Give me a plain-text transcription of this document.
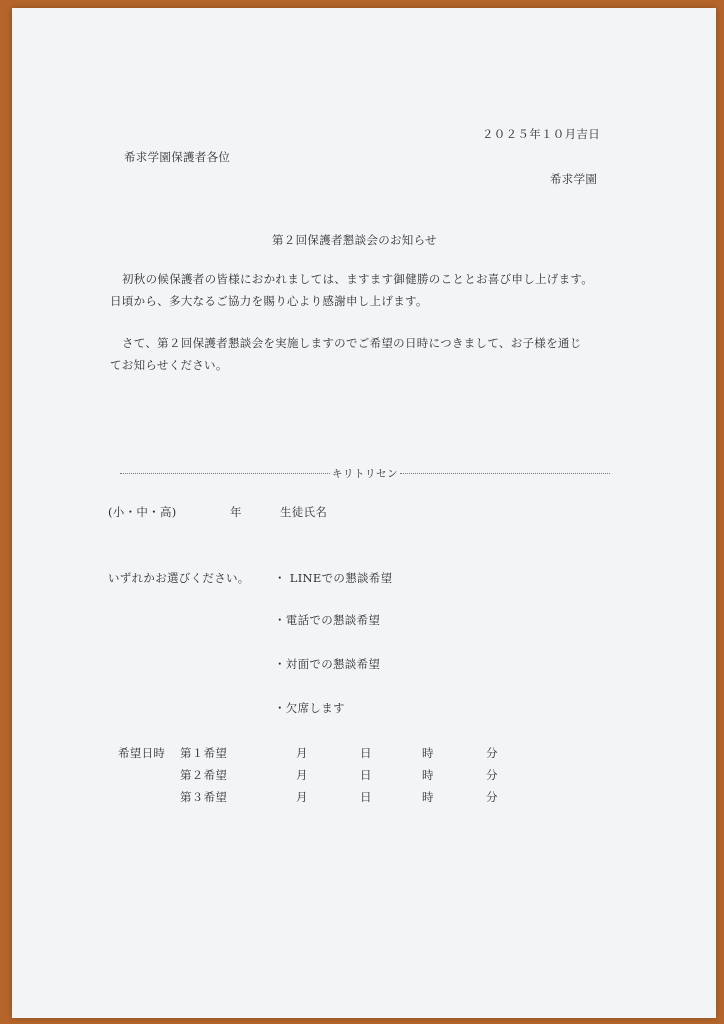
２０２５年１０月吉日
希求学園保護者各位
希求学園
第２回保護者懇談会のお知らせ
初秋の候保護者の皆様におかれましては、ますます御健勝のこととお喜び申し上げます。
日頃から、多大なるご協力を賜り心より感謝申し上げます。
さて、第２回保護者懇談会を実施しますのでご希望の日時につきまして、お子様を通じ
てお知らせください。
キリトリセン
(小・中・高)	年	生徒氏名
いずれかお選びください。 ・ LINEでの懇談希望
・電話での懇談希望
・対面での懇談希望
・欠席します
希望日時 第１希望	月	日	時	分
第２希望	月	日	時	分
第３希望	月	日	時	分
